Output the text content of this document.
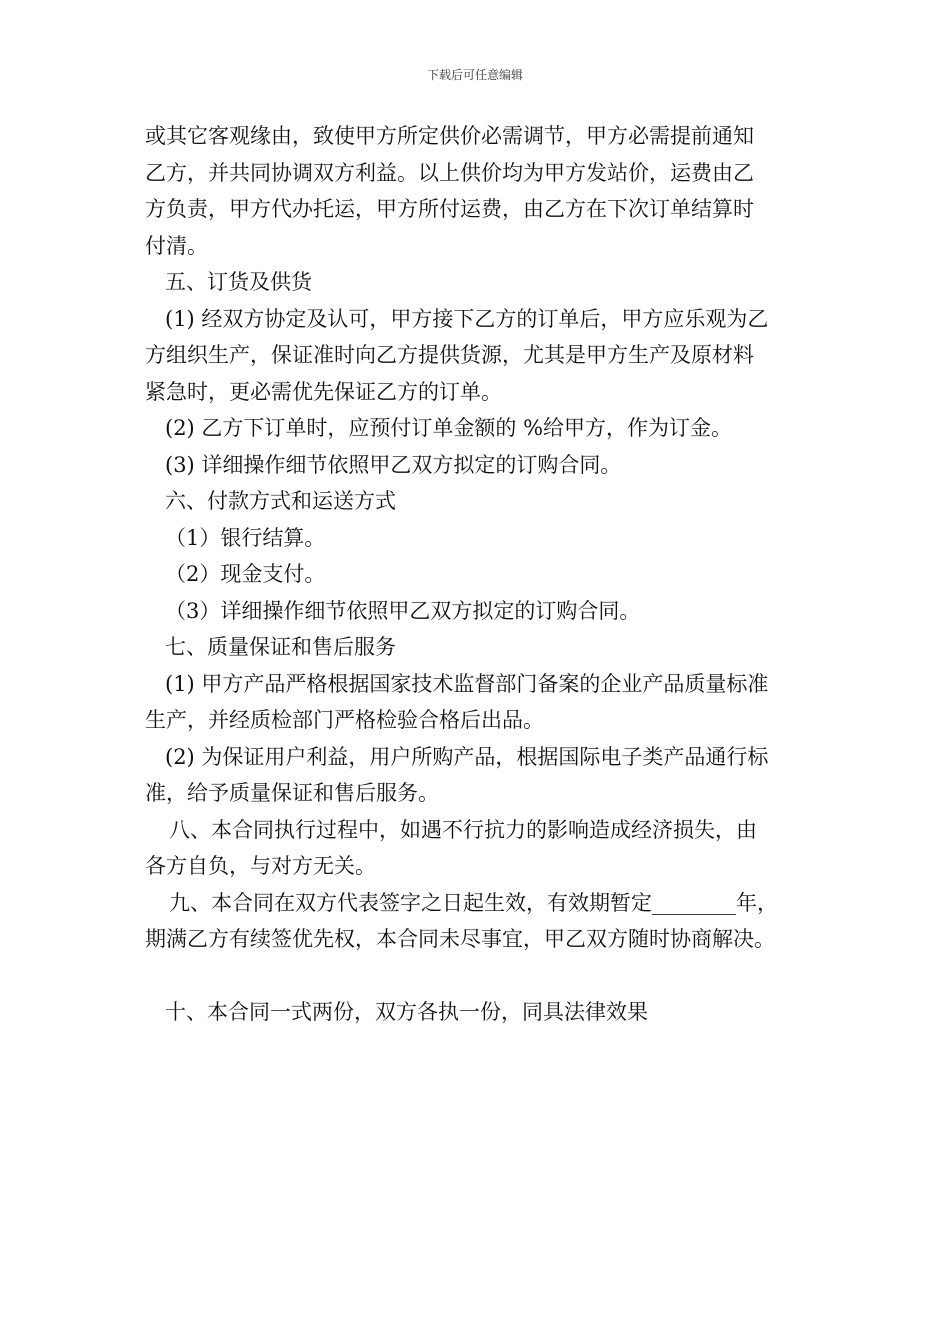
下载后可任意编辑

或其它客观缘由，致使甲方所定供价必需调节，甲方必需提前通知

乙方，并共同协调双方利益。以上供价均为甲方发站价，运费由乙

方负责，甲方代办托运，甲方所付运费，由乙方在下次订单结算时

付清。

五、订货及供货

(1) 经双方协定及认可，甲方接下乙方的订单后，甲方应乐观为乙

方组织生产，保证准时向乙方提供货源，尤其是甲方生产及原材料

紧急时，更必需优先保证乙方的订单。

(2) 乙方下订单时，应预付订单金额的 %给甲方，作为订金。

(3) 详细操作细节依照甲乙双方拟定的订购合同。

六、付款方式和运送方式

（1）银行结算。

（2）现金支付。

（3）详细操作细节依照甲乙双方拟定的订购合同。

七、质量保证和售后服务

(1) 甲方产品严格根据国家技术监督部门备案的企业产品质量标准

生产，并经质检部门严格检验合格后出品。

(2) 为保证用户利益，用户所购产品，根据国际电子类产品通行标

准，给予质量保证和售后服务。

八、本合同执行过程中，如遇不行抗力的影响造成经济损失，由

各方自负，与对方无关。

九、本合同在双方代表签字之日起生效，有效期暂定________年，

期满乙方有续签优先权，本合同未尽事宜，甲乙双方随时协商解决。

十、本合同一式两份，双方各执一份，同具法律效果
